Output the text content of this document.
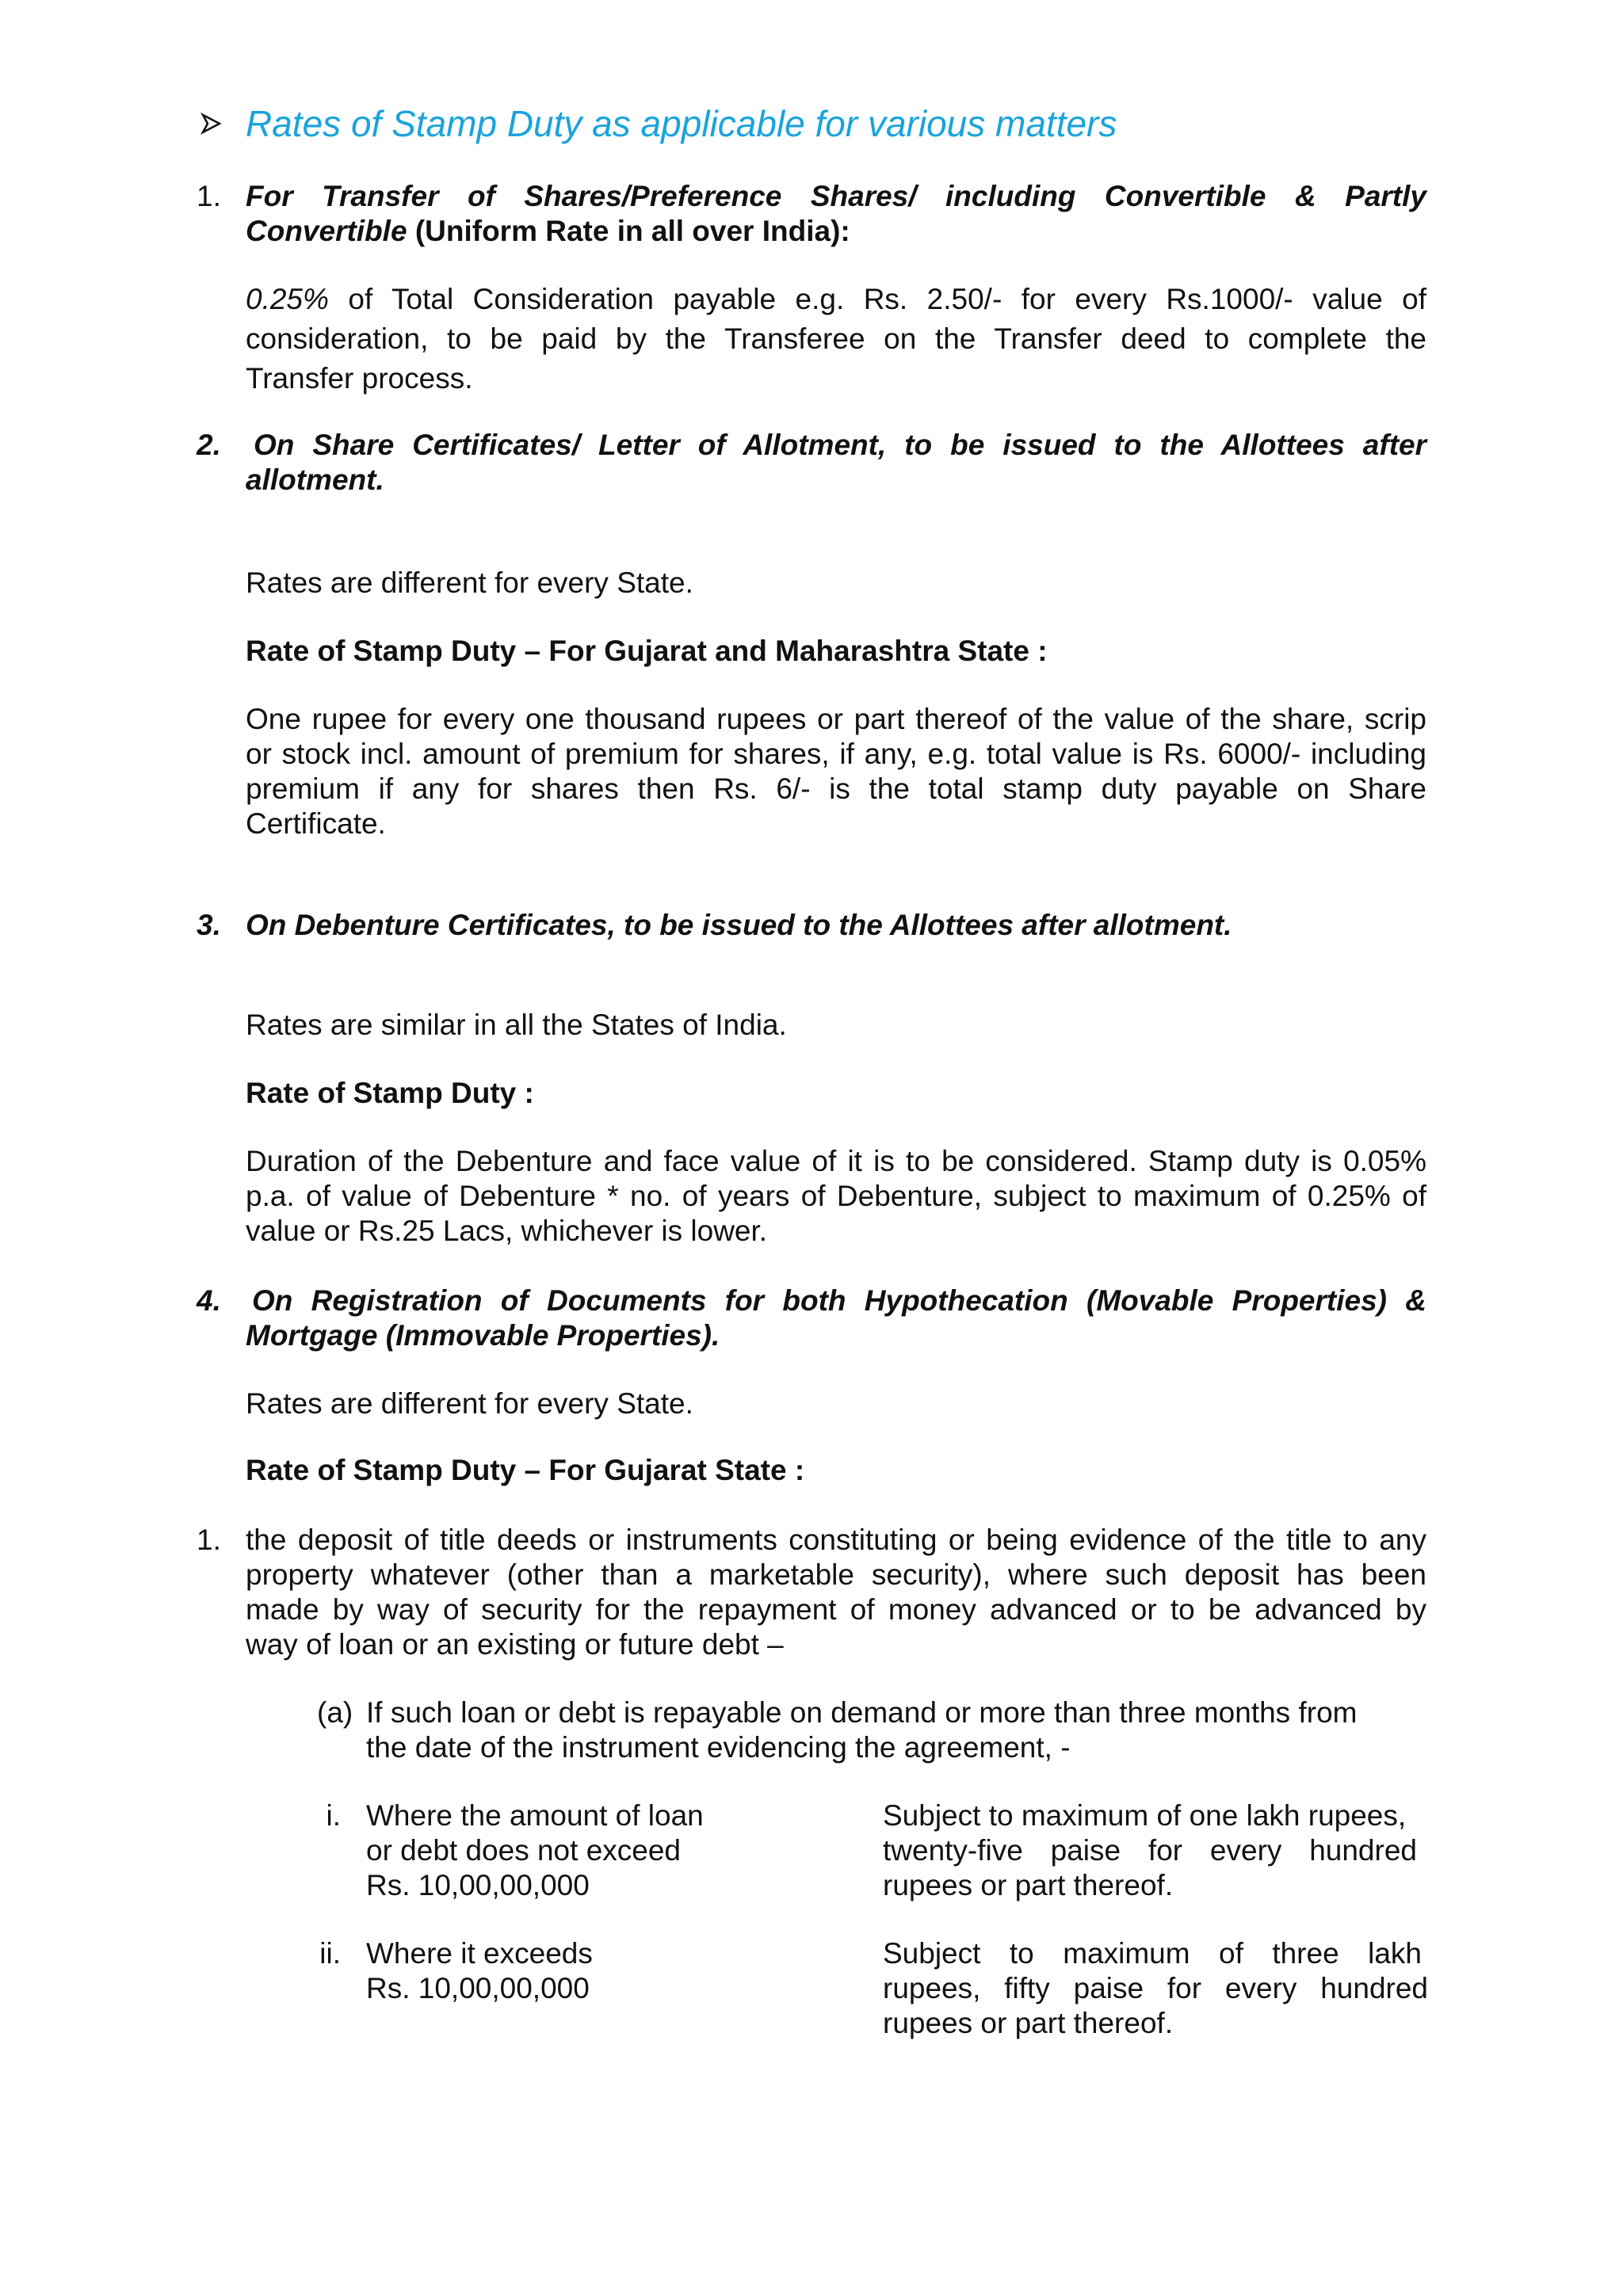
Rates of Stamp Duty as applicable for various matters
1. For Transfer of Shares/Preference Shares/ including Convertible & Partly
Convertible (Uniform Rate in all over India):
0.25% of Total Consideration payable e.g. Rs. 2.50/- for every Rs.1000/- value of
consideration, to be paid by the Transferee on the Transfer deed to complete the
Transfer process.
2. On Share Certificates/ Letter of Allotment, to be issued to the Allottees after
allotment.
Rates are different for every State.
Rate of Stamp Duty – For Gujarat and Maharashtra State :
One rupee for every one thousand rupees or part thereof of the value of the share, scrip
or stock incl. amount of premium for shares, if any, e.g. total value is Rs. 6000/- including
premium if any for shares then Rs. 6/- is the total stamp duty payable on Share
Certificate.
3. On Debenture Certificates, to be issued to the Allottees after allotment.
Rates are similar in all the States of India.
Rate of Stamp Duty :
Duration of the Debenture and face value of it is to be considered. Stamp duty is 0.05%
p.a. of value of Debenture * no. of years of Debenture, subject to maximum of 0.25% of
value or Rs.25 Lacs, whichever is lower.
4. On Registration of Documents for both Hypothecation (Movable Properties) &
Mortgage (Immovable Properties).
Rates are different for every State.
Rate of Stamp Duty – For Gujarat State :
1. the deposit of title deeds or instruments constituting or being evidence of the title to any
property whatever (other than a marketable security), where such deposit has been
made by way of security for the repayment of money advanced or to be advanced by
way of loan or an existing or future debt –
(a) If such loan or debt is repayable on demand or more than three months from
the date of the instrument evidencing the agreement, -
i. Where the amount of loan
or debt does not exceed
Rs. 10,00,00,000
Subject to maximum of one lakh rupees,
twenty-five paise for every hundred
rupees or part thereof.
ii. Where it exceeds
Rs. 10,00,00,000
Subject to maximum of three lakh
rupees, fifty paise for every hundred
rupees or part thereof.
